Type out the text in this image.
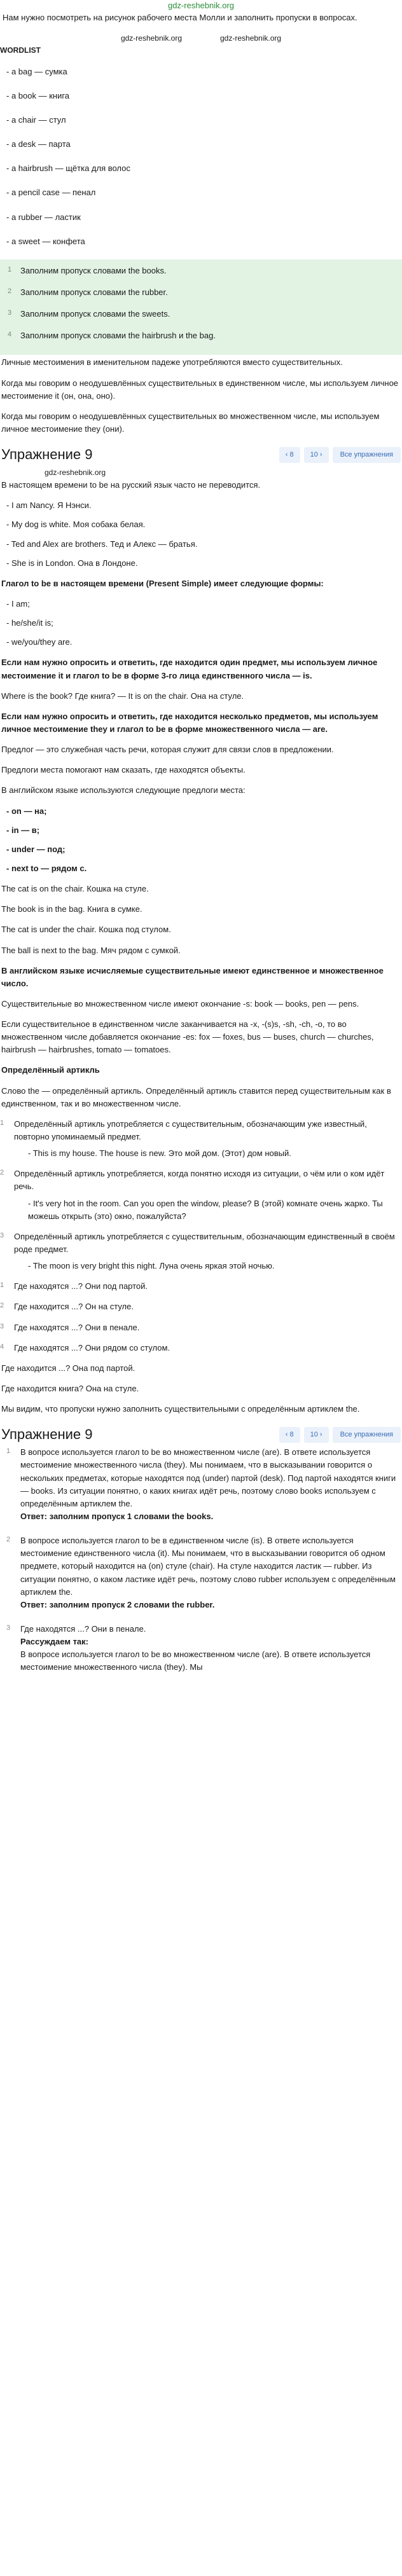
gdz-reshebnik.org

Нам нужно посмотреть на рисунок рабочего места Молли и заполнить пропуски в вопросах.

gdz-reshebnik.org	gdz-reshebnik.org
WORDLIST
- a bag — сумка
- a book — книга
- a chair — стул
- a desk — парта
- a hairbrush — щётка для волос
- a pencil case — пенал
- a rubber — ластик
- a sweet — конфета
1 Заполним пропуск словами the books.
2 Заполним пропуск словами the rubber.
3 Заполним пропуск словами the sweets.
4 Заполним пропуск словами the hairbrush и the bag.

Личные местоимения в именительном падеже употребляются вместо существительных.

Когда мы говорим о неодушевлённых существительных в единственном числе, мы используем личное местоимение it (он, она, оно).

Когда мы говорим о неодушевлённых существительных во множественном числе, мы используем личное местоимение they (они).

Упражнение 9	‹ 8	10 ›	Все упражнения
gdz-reshebnik.org

В настоящем времени to be на русский язык часто не переводится.

- I am Nancy. Я Нэнси.
- My dog is white. Моя собака белая.
- Ted and Alex are brothers. Тед и Алекс — братья.
- She is in London. Она в Лондоне.

Глагол to be в настоящем времени (Present Simple) имеет следующие формы:

- I am;
- he/she/it is;
- we/you/they are.

Если нам нужно опросить и ответить, где находится один предмет, мы используем личное местоимение it и глагол to be в форме 3-го лица единственного числа — is.

Where is the book? Где книга? — It is on the chair. Она на стуле.

Если нам нужно опросить и ответить, где находится несколько предметов, мы используем личное местоимение they и глагол to be в форме множественного числа — are.

Предлог — это служебная часть речи, которая служит для связи слов в предложении.

Предлоги места помогают нам сказать, где находятся объекты.

В английском языке используются следующие предлоги места:

- on — на;
- in — в;
- under — под;
- next to — рядом с.

The cat is on the chair. Кошка на стуле.

The book is in the bag. Книга в сумке.

The cat is under the chair. Кошка под стулом.

The ball is next to the bag. Мяч рядом с сумкой.

В английском языке исчисляемые существительные имеют единственное и множественное число.

Существительные во множественном числе имеют окончание -s: book — books, pen — pens.

Если существительное в единственном числе заканчивается на -x, -(s)s, -sh, -ch, -o, то во множественном числе добавляется окончание -es: fox — foxes, bus — buses, church — churches, hairbrush — hairbrushes, tomato — tomatoes.

Определённый артикль

Слово the — определённый артикль. Определённый артикль ставится перед существительным как в единственном, так и во множественном числе.

1 Определённый артикль употребляется с существительным, обозначающим уже известный, повторно упоминаемый предмет.
- This is my house. The house is new. Это мой дом. (Этот) дом новый.
2 Определённый артикль употребляется, когда понятно исходя из ситуации, о чём или о ком идёт речь.
- It's very hot in the room. Can you open the window, please? В (этой) комнате очень жарко. Ты можешь открыть (это) окно, пожалуйста?
3 Определённый артикль употребляется с существительным, обозначающим единственный в своём роде предмет.
- The moon is very bright this night. Луна очень яркая этой ночью.
1 Где находятся ...? Они под партой.
2 Где находится ...? Он на стуле.
3 Где находятся ...? Они в пенале.
4 Где находятся ...? Они рядом со стулом.

Где находится ...? Она под партой.

Где находится книга? Она на стуле.

Мы видим, что пропуски нужно заполнить существительными с определённым артиклем the.

Упражнение 9	‹ 8	10 ›	Все упражнения
1 В вопросе используется глагол to be во множественном числе (are). В ответе используется местоимение множественного числа (they). Мы понимаем, что в высказывании говорится о нескольких предметах, которые находятся под (under) партой (desk). Под партой находятся книги — books. Из ситуации понятно, о каких книгах идёт речь, поэтому слово books используем с определённым артиклем the.
Ответ: заполним пропуск 1 словами the books.
2 В вопросе используется глагол to be в единственном числе (is). В ответе используется местоимение единственного числа (it). Мы понимаем, что в высказывании говорится об одном предмете, который находится на (on) стуле (chair). На стуле находится ластик — rubber. Из ситуации понятно, о каком ластике идёт речь, поэтому слово rubber используем с определённым артиклем the.
Ответ: заполним пропуск 2 словами the rubber.
3 Где находятся ...? Они в пенале.
Рассуждаем так:
В вопросе используется глагол to be во множественном числе (are). В ответе используется местоимение множественного числа (they). Мы
